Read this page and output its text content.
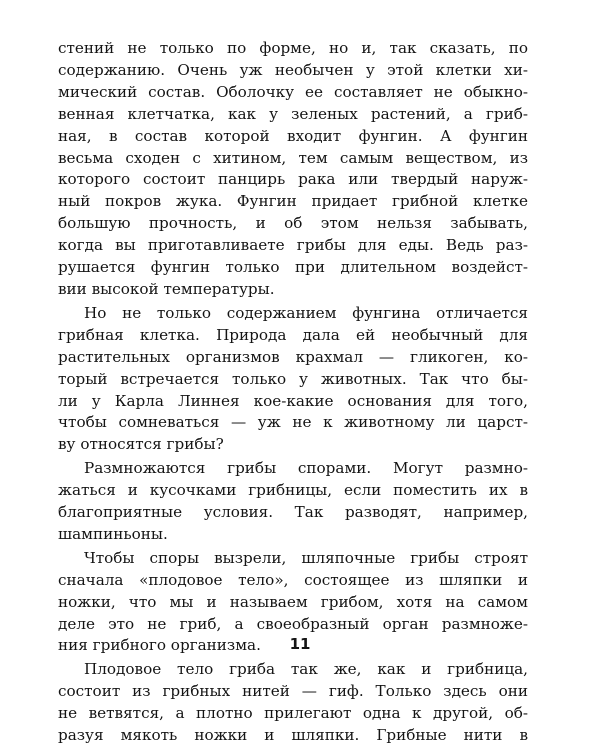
стений не только по форме, но и, так сказать, по
содержанию. Очень уж необычен у этой клетки хи-
мический состав. Оболочку ее составляет не обыкно-
венная клетчатка, как у зеленых растений, а гриб-
ная, в состав которой входит фунгин. А фунгин
весьма сходен с хитином, тем самым веществом, из
которого состоит панцирь рака или твердый наруж-
ный покров жука. Фунгин придает грибной клетке
большую прочность, и об этом нельзя забывать,
когда вы приготавливаете грибы для еды. Ведь раз-
рушается фунгин только при длительном воздейст-
вии высокой температуры.
Но не только содержанием фунгина отличается
грибная клетка. Природа дала ей необычный для
растительных организмов крахмал — гликоген, ко-
торый встречается только у животных. Так что бы-
ли у Карла Линнея кое-какие основания для того,
чтобы сомневаться — уж не к животному ли царст-
ву относятся грибы?
Размножаются грибы спорами. Могут размно-
жаться и кусочками грибницы, если поместить их в
благоприятные условия. Так разводят, например,
шампиньоны.
Чтобы споры вызрели, шляпочные грибы строят
сначала «плодовое тело», состоящее из шляпки и
ножки, что мы и называем грибом, хотя на самом
деле это не гриб, а своеобразный орган размноже-
ния грибного организма.
Плодовое тело гриба так же, как и грибница,
состоит из грибных нитей — гиф. Только здесь они
не ветвятся, а плотно прилегают одна к другой, об-
разуя мякоть ножки и шляпки. Грибные нити в
11
